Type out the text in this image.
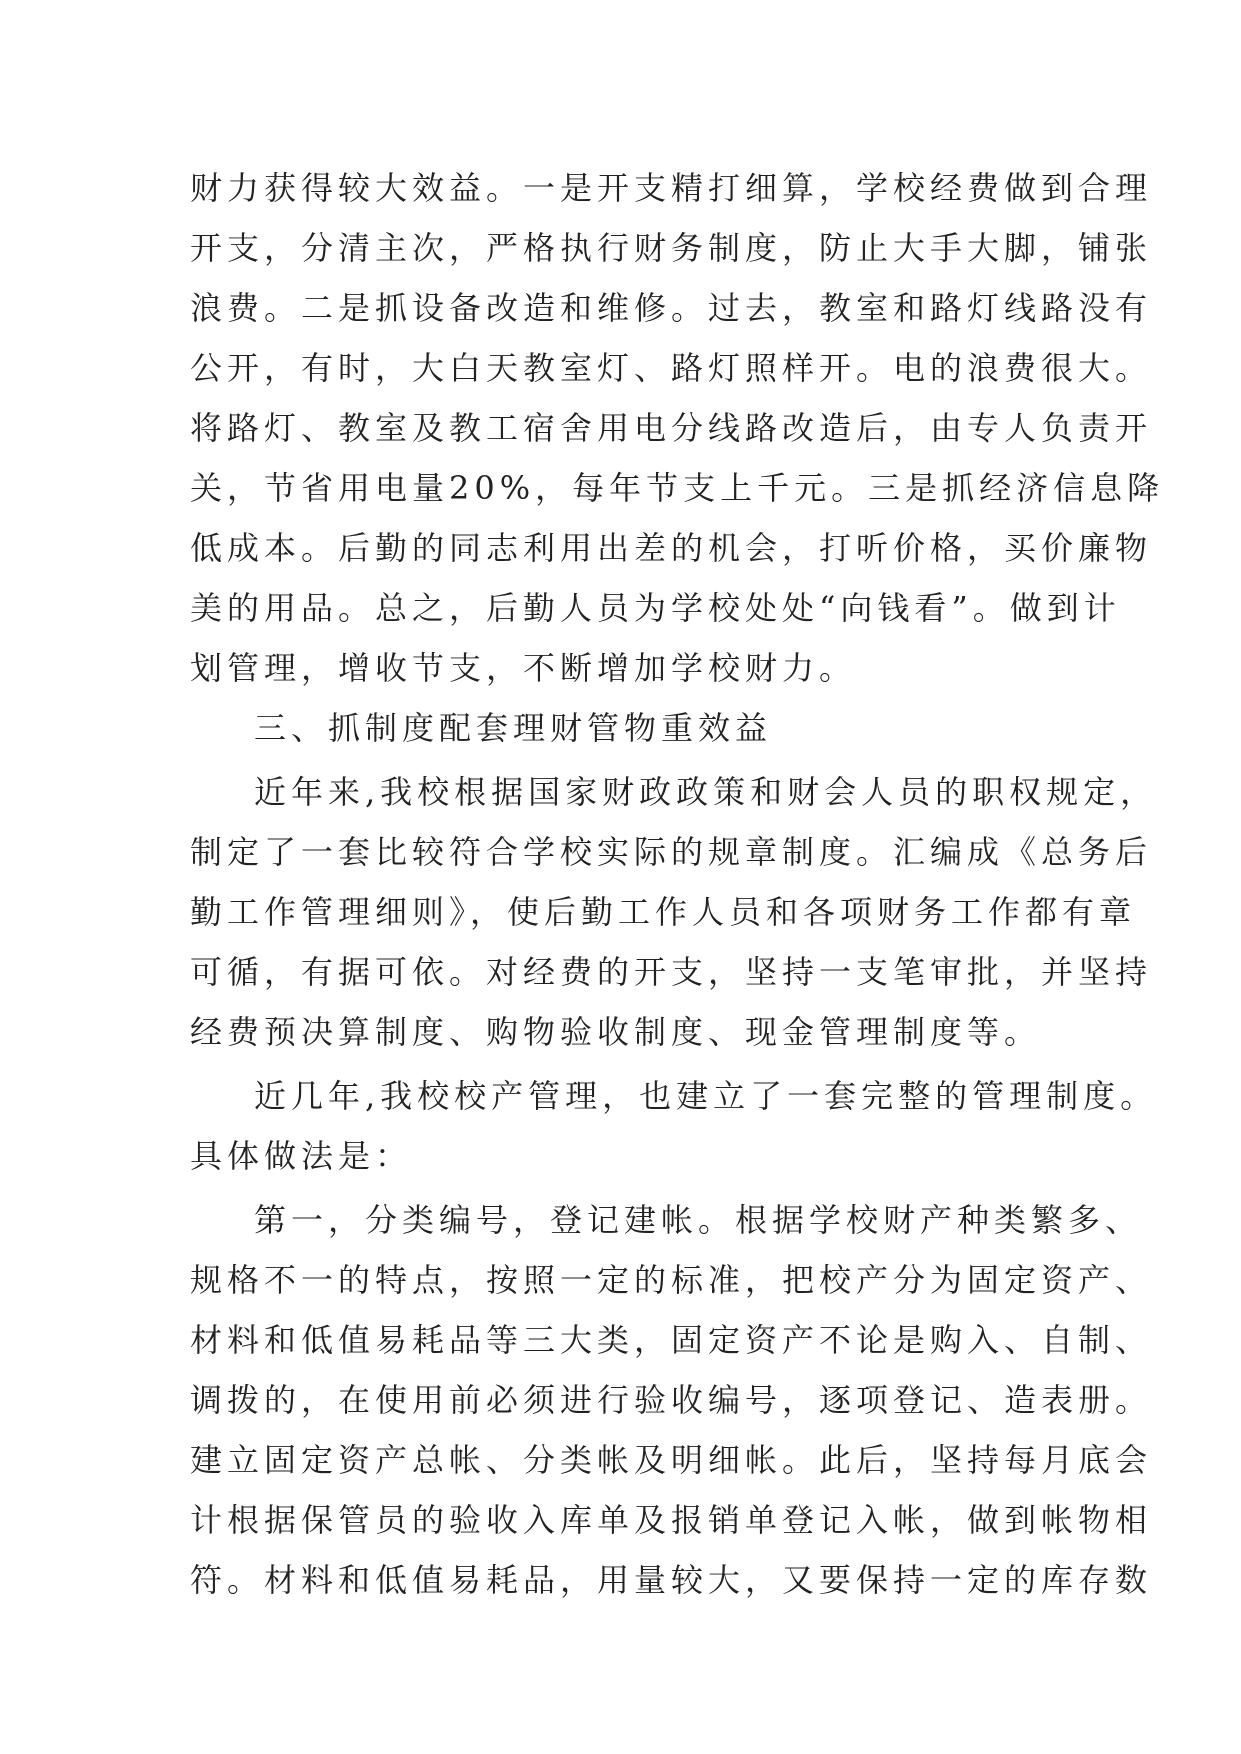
财力获得较大效益。一是开支精打细算，学校经费做到合理
开支，分清主次，严格执行财务制度，防止大手大脚，铺张
浪费。二是抓设备改造和维修。过去，教室和路灯线路没有
公开，有时，大白天教室灯、路灯照样开。电的浪费很大。
将路灯、教室及教工宿舍用电分线路改造后，由专人负责开
关，节省用电量20%，每年节支上千元。三是抓经济信息降
低成本。后勤的同志利用出差的机会，打听价格，买价廉物
美的用品。总之，后勤人员为学校处处“向钱看”。做到计
划管理，增收节支，不断增加学校财力。
三、抓制度配套理财管物重效益
近年来,我校根据国家财政政策和财会人员的职权规定，
制定了一套比较符合学校实际的规章制度。汇编成《总务后
勤工作管理细则》，使后勤工作人员和各项财务工作都有章
可循，有据可依。对经费的开支，坚持一支笔审批，并坚持
经费预决算制度、购物验收制度、现金管理制度等。
近几年,我校校产管理，也建立了一套完整的管理制度。
具体做法是：
第一，分类编号，登记建帐。根据学校财产种类繁多、
规格不一的特点，按照一定的标准，把校产分为固定资产、
材料和低值易耗品等三大类，固定资产不论是购入、自制、
调拨的，在使用前必须进行验收编号，逐项登记、造表册。
建立固定资产总帐、分类帐及明细帐。此后，坚持每月底会
计根据保管员的验收入库单及报销单登记入帐，做到帐物相
符。材料和低值易耗品，用量较大，又要保持一定的库存数
